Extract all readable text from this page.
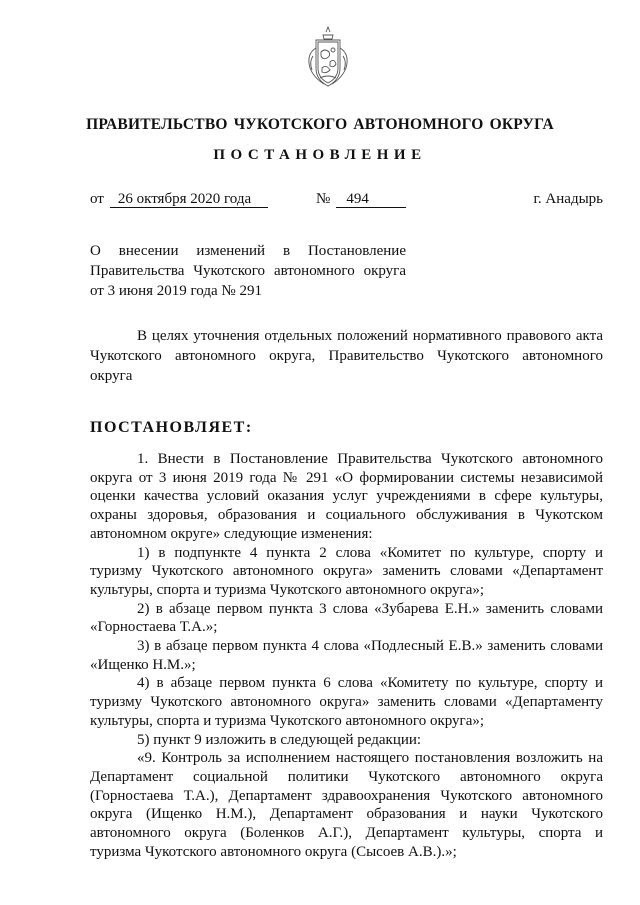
ПРАВИТЕЛЬСТВО ЧУКОТСКОГО АВТОНОМНОГО ОКРУГА
ПОСТАНОВЛЕНИЕ
от 26 октября 2020 года	№ 494	г. Анадырь
О внесении изменений в Постановление
Правительства Чукотского автономного округа
от 3 июня 2019 года № 291
В целях уточнения отдельных положений нормативного правового акта
Чукотского автономного округа, Правительство Чукотского автономного
округа
ПОСТАНОВЛЯЕТ:
1. Внести в Постановление Правительства Чукотского автономного
округа от 3 июня 2019 года № 291 «О формировании системы независимой
оценки качества условий оказания услуг учреждениями в сфере культуры,
охраны здоровья, образования и социального обслуживания в Чукотском
автономном округе» следующие изменения:
1) в подпункте 4 пункта 2 слова «Комитет по культуре, спорту и
туризму Чукотского автономного округа» заменить словами «Департамент
культуры, спорта и туризма Чукотского автономного округа»;
2) в абзаце первом пункта 3 слова «Зубарева Е.Н.» заменить словами
«Горностаева Т.А.»;
3) в абзаце первом пункта 4 слова «Подлесный Е.В.» заменить словами
«Ищенко Н.М.»;
4) в абзаце первом пункта 6 слова «Комитету по культуре, спорту и
туризму Чукотского автономного округа» заменить словами «Департаменту
культуры, спорта и туризма Чукотского автономного округа»;
5) пункт 9 изложить в следующей редакции:
«9. Контроль за исполнением настоящего постановления возложить на
Департамент социальной политики Чукотского автономного округа
(Горностаева Т.А.), Департамент здравоохранения Чукотского автономного
округа (Ищенко Н.М.), Департамент образования и науки Чукотского
автономного округа (Боленков А.Г.), Департамент культуры, спорта и
туризма Чукотского автономного округа (Сысоев А.В.).»;
